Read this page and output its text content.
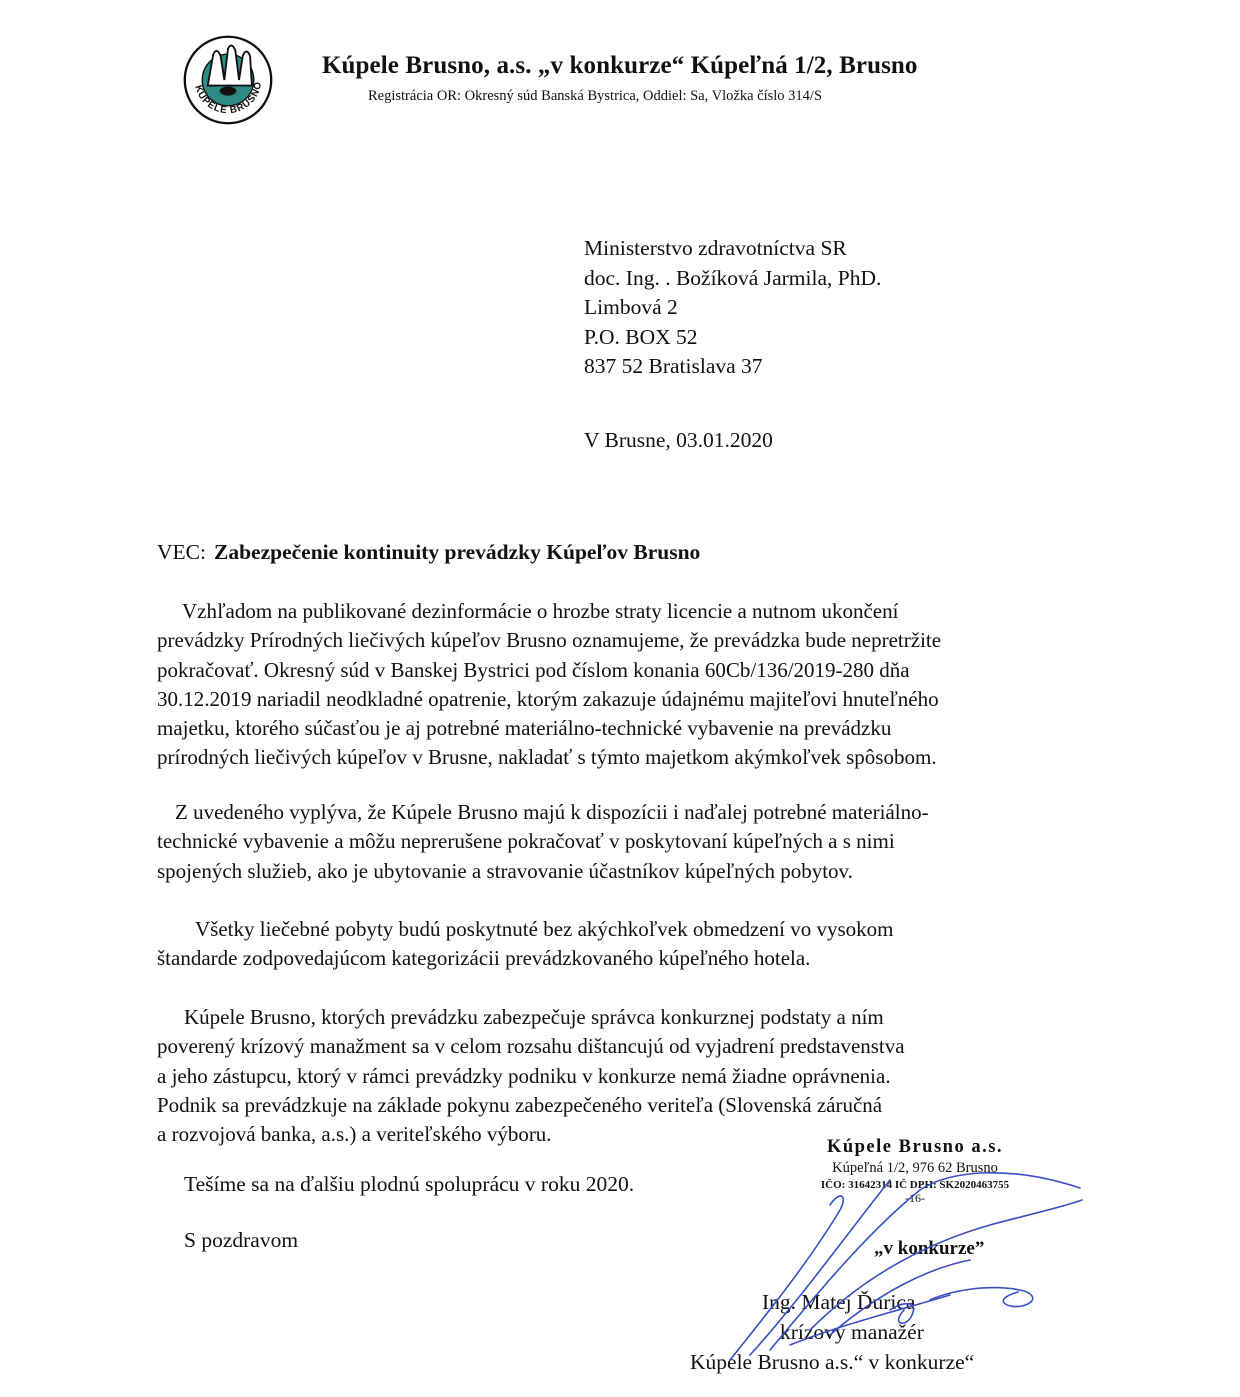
KÚPELE BRUSNO
Kúpele Brusno, a.s. „v konkurze“ Kúpeľná 1/2, Brusno
Registrácia OR: Okresný súd Banská Bystrica, Oddiel: Sa, Vložka číslo 314/S
Ministerstvo zdravotníctva SR
doc. Ing. . Božíková Jarmila, PhD.
Limbová 2
P.O. BOX 52
837 52 Bratislava 37
V Brusne, 03.01.2020
VEC: Zabezpečenie kontinuity prevádzky Kúpeľov Brusno
Vzhľadom na publikované dezinformácie o hrozbe straty licencie a nutnom ukončení
prevádzky Prírodných liečivých kúpeľov Brusno oznamujeme, že prevádzka bude nepretržite
pokračovať. Okresný súd v Banskej Bystrici pod číslom konania 60Cb/136/2019-280 dňa
30.12.2019 nariadil neodkladné opatrenie, ktorým zakazuje údajnému majiteľovi hnuteľného
majetku, ktorého súčasťou je aj potrebné materiálno-technické vybavenie na prevádzku
prírodných liečivých kúpeľov v Brusne, nakladať s týmto majetkom akýmkoľvek spôsobom.
Z uvedeného vyplýva, že Kúpele Brusno majú k dispozícii i naďalej potrebné materiálno-
technické vybavenie a môžu neprerušene pokračovať v poskytovaní kúpeľných a s nimi
spojených služieb, ako je ubytovanie a stravovanie účastníkov kúpeľných pobytov.
Všetky liečebné pobyty budú poskytnuté bez akýchkoľvek obmedzení vo vysokom
štandarde zodpovedajúcom kategorizácii prevádzkovaného kúpeľného hotela.
Kúpele Brusno, ktorých prevádzku zabezpečuje správca konkurznej podstaty a ním
poverený krízový manažment sa v celom rozsahu dištancujú od vyjadrení predstavenstva
a jeho zástupcu, ktorý v rámci prevádzky podniku v konkurze nemá žiadne oprávnenia.
Podnik sa prevádzkuje na základe pokynu zabezpečeného veriteľa (Slovenská záručná
a rozvojová banka, a.s.) a veriteľského výboru.
Tešíme sa na ďalšiu plodnú spoluprácu v roku 2020.
S pozdravom
Kúpele Brusno a.s.
Kúpeľná 1/2, 976 62 Brusno
IČO: 31642314 IČ DPH: SK2020463755
-16-
„v konkurze”
Ing. Matej Ďurica
krízový manažér
Kúpele Brusno a.s.“ v konkurze“
